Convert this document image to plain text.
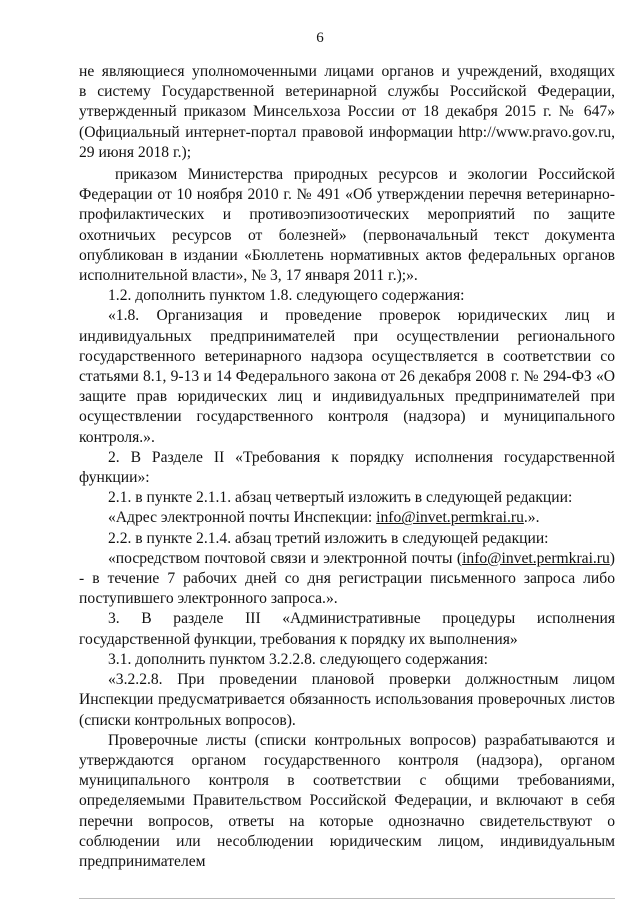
6

не являющиеся уполномоченными лицами органов и учреждений, входящих
в систему Государственной ветеринарной службы Российской Федерации,
утвержденный приказом Минсельхоза России от 18 декабря 2015 г. № 647»
(Официальный интернет-портал правовой информации http://www.pravo.gov.ru,
29 июня 2018 г.);

приказом Министерства природных ресурсов и экологии Российской Федерации от 10 ноября 2010 г. № 491 «Об утверждении перечня ветеринарно-профилактических и противоэпизоотических мероприятий по защите охотничьих ресурсов от болезней» (первоначальный текст документа опубликован в издании «Бюллетень нормативных актов федеральных органов исполнительной власти», № 3, 17 января 2011 г.);».

1.2. дополнить пунктом 1.8. следующего содержания:

«1.8. Организация и проведение проверок юридических лиц и индивидуальных предпринимателей при осуществлении регионального государственного ветеринарного надзора осуществляется в соответствии со статьями 8.1, 9-13 и 14 Федерального закона от 26 декабря 2008 г. № 294-ФЗ «О защите прав юридических лиц и индивидуальных предпринимателей при осуществлении государственного контроля (надзора) и муниципального контроля.».

2. В Разделе II «Требования к порядку исполнения государственной функции»:

2.1. в пункте 2.1.1. абзац четвертый изложить в следующей редакции:

«Адрес электронной почты Инспекции: info@invet.permkrai.ru.».

2.2. в пункте 2.1.4. абзац третий изложить в следующей редакции:

«посредством почтовой связи и электронной почты (info@invet.permkrai.ru) - в течение 7 рабочих дней со дня регистрации письменного запроса либо поступившего электронного запроса.».

3. В разделе III «Административные процедуры исполнения государственной функции, требования к порядку их выполнения»

3.1. дополнить пунктом 3.2.2.8. следующего содержания:

«3.2.2.8. При проведении плановой проверки должностным лицом Инспекции предусматривается обязанность использования проверочных листов (списки контрольных вопросов).

Проверочные листы (списки контрольных вопросов) разрабатываются и утверждаются органом государственного контроля (надзора), органом муниципального контроля в соответствии с общими требованиями, определяемыми Правительством Российской Федерации, и включают в себя перечни вопросов, ответы на которые однозначно свидетельствуют о соблюдении или несоблюдении юридическим лицом, индивидуальным предпринимателем
